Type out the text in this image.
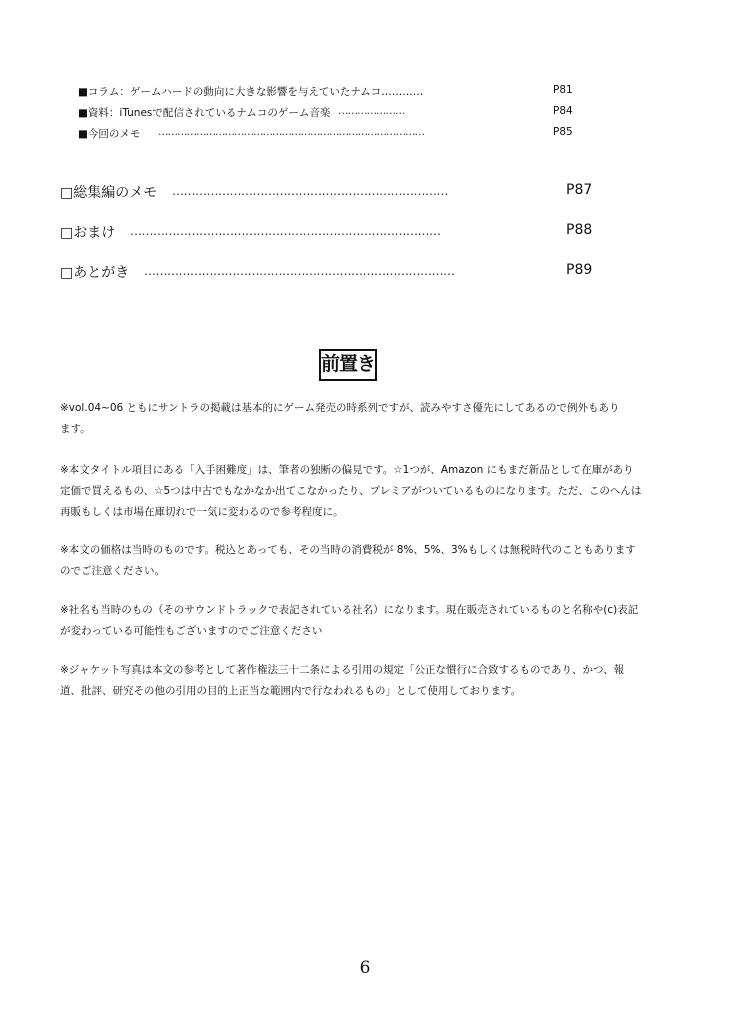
■コラム：ゲームハードの動向に大きな影響を与えていたナムコ…………	P81
■資料：iTunesで配信されているナムコのゲーム音楽 …………………	P84
■今回のメモ …………………………………………………………………………	P85
□総集編のメモ ………………………………………………………………	P87
□おまけ ………………………………………………………………………	P88
□あとがき ………………………………………………………………………	P89
前置き
※vol.04~06 ともにサントラの掲載は基本的にゲーム発売の時系列ですが、読みやすさ優先にしてあるので例外もあり
ます。
※本文タイトル項目にある「入手困難度」は、筆者の独断の偏見です。☆1つが、Amazon にもまだ新品として在庫があり
定価で買えるもの、☆5つは中古でもなかなか出てこなかったり、プレミアがついているものになります。ただ、このへんは
再販もしくは市場在庫切れで一気に変わるので参考程度に。
※本文の価格は当時のものです。税込とあっても、その当時の消費税が 8%、5%、3%もしくは無税時代のこともあります
のでご注意ください。
※社名も当時のもの（そのサウンドトラックで表記されている社名）になります。現在販売されているものと名称や(c)表記
が変わっている可能性もございますのでご注意ください
※ジャケット写真は本文の参考として著作権法三十二条による引用の規定「公正な慣行に合致するものであり、かつ、報
道、批評、研究その他の引用の目的上正当な範囲内で行なわれるもの」として使用しております。
6
